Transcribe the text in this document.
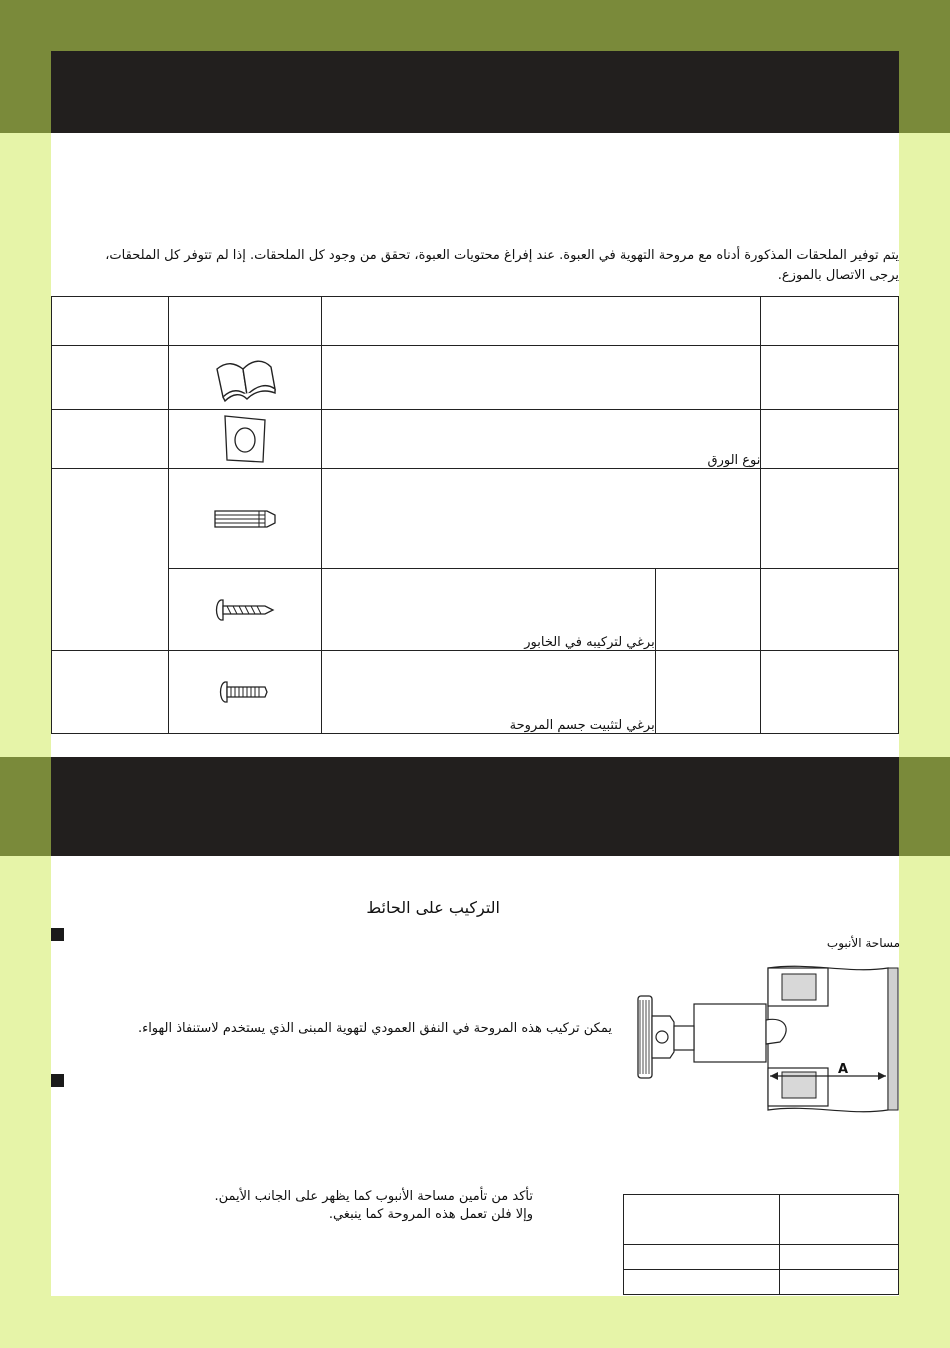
يتم توفير الملحقات المذكورة أدناه مع مروحة التهوية في العبوة. عند إفراغ محتويات العبوة، تحقق من وجود كل الملحقات. إذا لم تتوفر كل الملحقات،
يرجى الاتصال بالموزع.

	نوع الورق		

	برغي لتركيبه في الخابور		

	برغي لتثبيت جسم المروحة		
التركيب على الحائط
يمكن تركيب هذه المروحة في النفق العمودي لتهوية المبنى الذي يستخدم لاستنفاذ الهواء.
تأكد من تأمين مساحة الأنبوب كما يظهر على الجانب الأيمن.
وإلا فلن تعمل هذه المروحة كما ينبغي.
مساحة الأنبوب
A
